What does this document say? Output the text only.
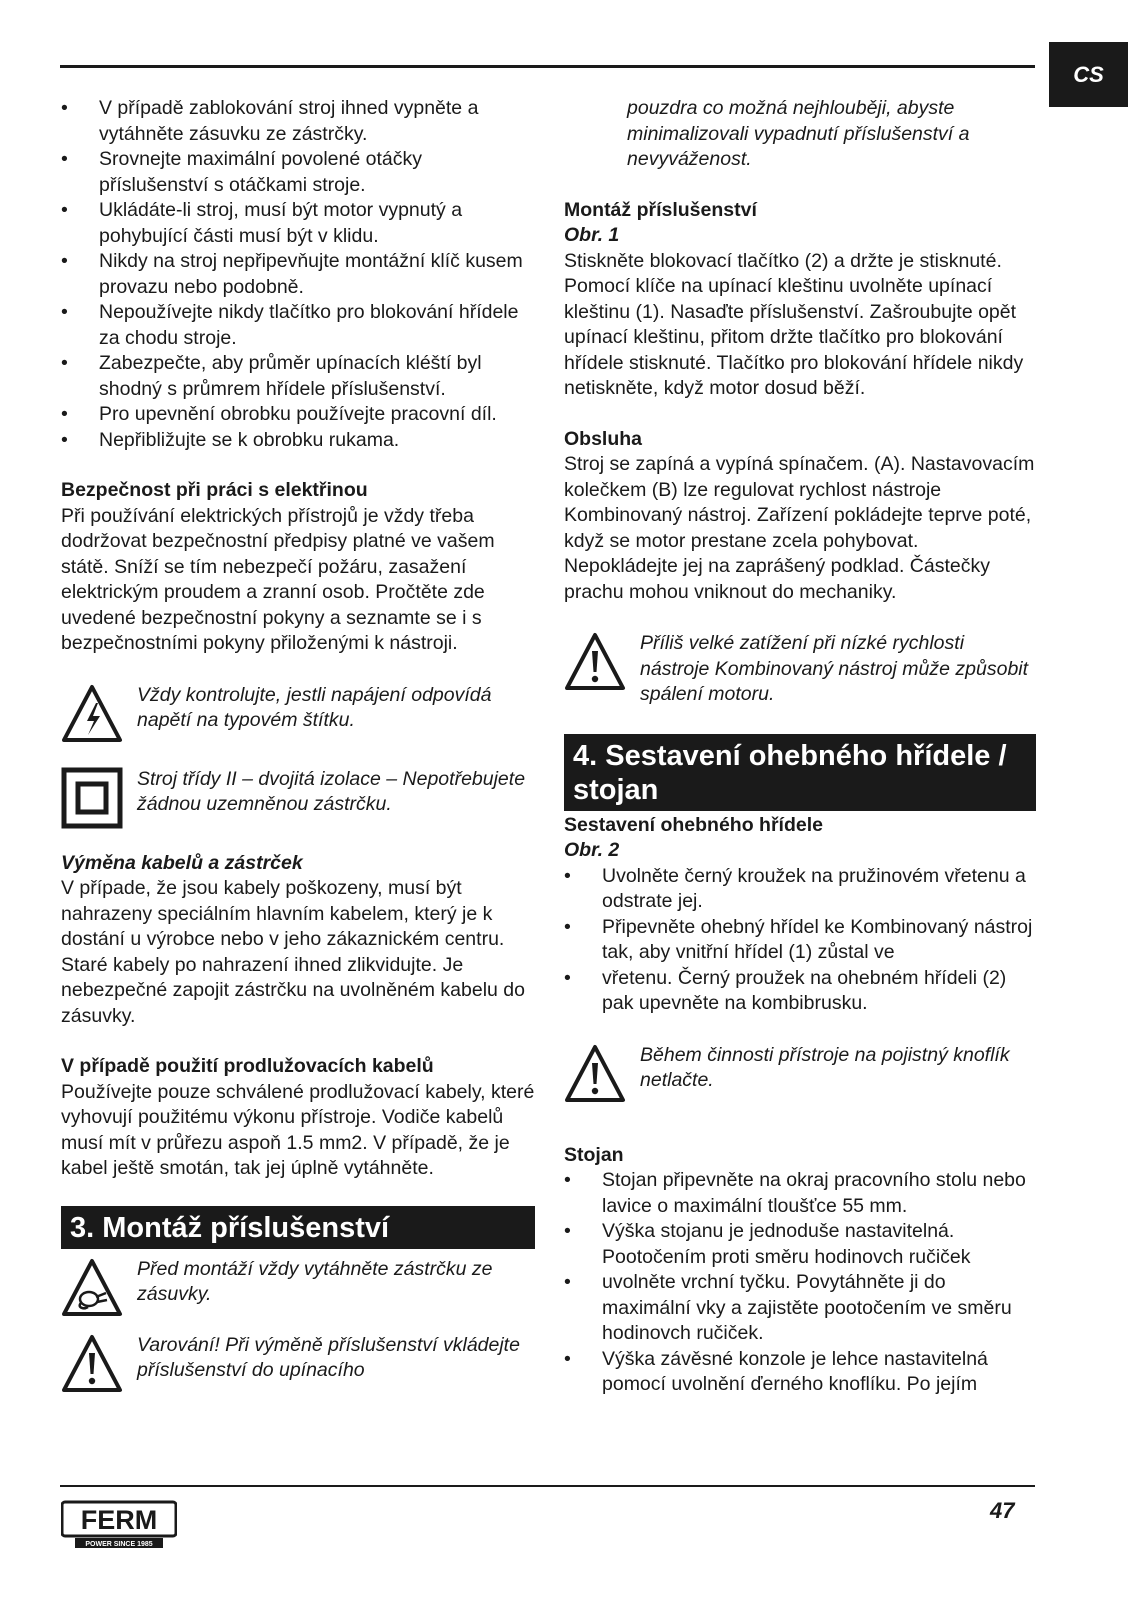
CS
• V případě zablokování stroj ihned vypněte a vytáhněte zásuvku ze zástrčky.
• Srovnejte maximální povolené otáčky příslušenství s otáčkami stroje.
• Ukládáte-li stroj, musí být motor vypnutý a pohybující části musí být v klidu.
• Nikdy na stroj nepřipevňujte montážní klíč kusem provazu nebo podobně.
• Nepoužívejte nikdy tlačítko pro blokování hřídele za chodu stroje.
• Zabezpečte, aby průměr upínacích kléští byl shodný s průmrem hřídele příslušenství.
• Pro upevnění obrobku používejte pracovní díl.
• Nepřibližujte se k obrobku rukama.

Bezpečnost při práci s elektřinou

Při používání elektrických přístrojů je vždy třeba dodržovat bezpečnostní předpisy platné ve vašem státě. Sníží se tím nebezpečí požáru, zasažení elektrickým proudem a zranní osob. Pročtěte zde uvedené bezpečnostní pokyny a seznamte se i s bezpečnostními pokyny přiloženými k nástroji.

Vždy kontrolujte, jestli napájení odpovídá napětí na typovém štítku.
Stroj třídy II – dvojitá izolace – Nepotřebujete žádnou uzemněnou zástrčku.

Výměna kabelů a zástrček

V případe, že jsou kabely poškozeny, musí být nahrazeny speciálním hlavním kabelem, který je k dostání u výrobce nebo v jeho zákaznickém centru. Staré kabely po nahrazení ihned zlikvidujte. Je nebezpečné zapojit zástrčku na uvolněném kabelu do zásuvky.

V případě použití prodlužovacích kabelů

Používejte pouze schválené prodlužovací kabely, které vyhovují použitému výkonu přístroje. Vodiče kabelů musí mít v průřezu aspoň 1.5 mm2. V případě, že je kabel ještě smotán, tak jej úplně vytáhněte.

3. Montáž příslušenství
Před montáží vždy vytáhněte zástrčku ze zásuvky.
Varování! Při výměně příslušenství vkládejte příslušenství do upínacího

pouzdra co možná nejhlouběji, abyste minimalizovali vypadnutí příslušenství a nevyváženost.

Montáž příslušenství

Obr. 1

Stiskněte blokovací tlačítko (2) a držte je stisknuté. Pomocí klíče na upínací kleštinu uvolněte upínací kleštinu (1). Nasaďte příslušenství. Zašroubujte opět upínací kleštinu, přitom držte tlačítko pro blokování hřídele stisknuté. Tlačítko pro blokování hřídele nikdy netiskněte, když motor dosud běží.

Obsluha

Stroj se zapíná a vypíná spínačem. (A). Nastavovacím kolečkem (B) lze regulovat rychlost nástroje Kombinovaný nástroj. Zařízení pokládejte teprve poté, když se motor prestane zcela pohybovat. Nepokládejte jej na zaprášený podklad. Částečky prachu mohou vniknout do mechaniky.

Příliš velké zatížení při nízké rychlosti nástroje Kombinovaný nástroj může způsobit spálení motoru.
4. Sestavení ohebného hřídele / stojan

Sestavení ohebného hřídele

Obr. 2

• Uvolněte černý kroužek na pružinovém vřetenu a odstrate jej.
• Připevněte ohebný hřídel ke Kombinovaný nástroj tak, aby vnitřní hřídel (1) zůstal ve
• vřetenu. Černý proužek na ohebném hřídeli (2) pak upevněte na kombibrusku.
Během činnosti přístroje na pojistný knoflík netlačte.

Stojan

• Stojan připevněte na okraj pracovního stolu nebo lavice o maximální tloušťce 55 mm.
• Výška stojanu je jednoduše nastavitelná. Pootočením proti směru hodinovch ručiček
• uvolněte vrchní tyčku. Povytáhněte ji do maximální vky a zajistěte pootočením ve směru hodinovch ručiček.
• Výška závěsné konzole je lehce nastavitelná pomocí uvolnění ďerného knoflíku. Po jejím
FERM
POWER SINCE 1985
47
